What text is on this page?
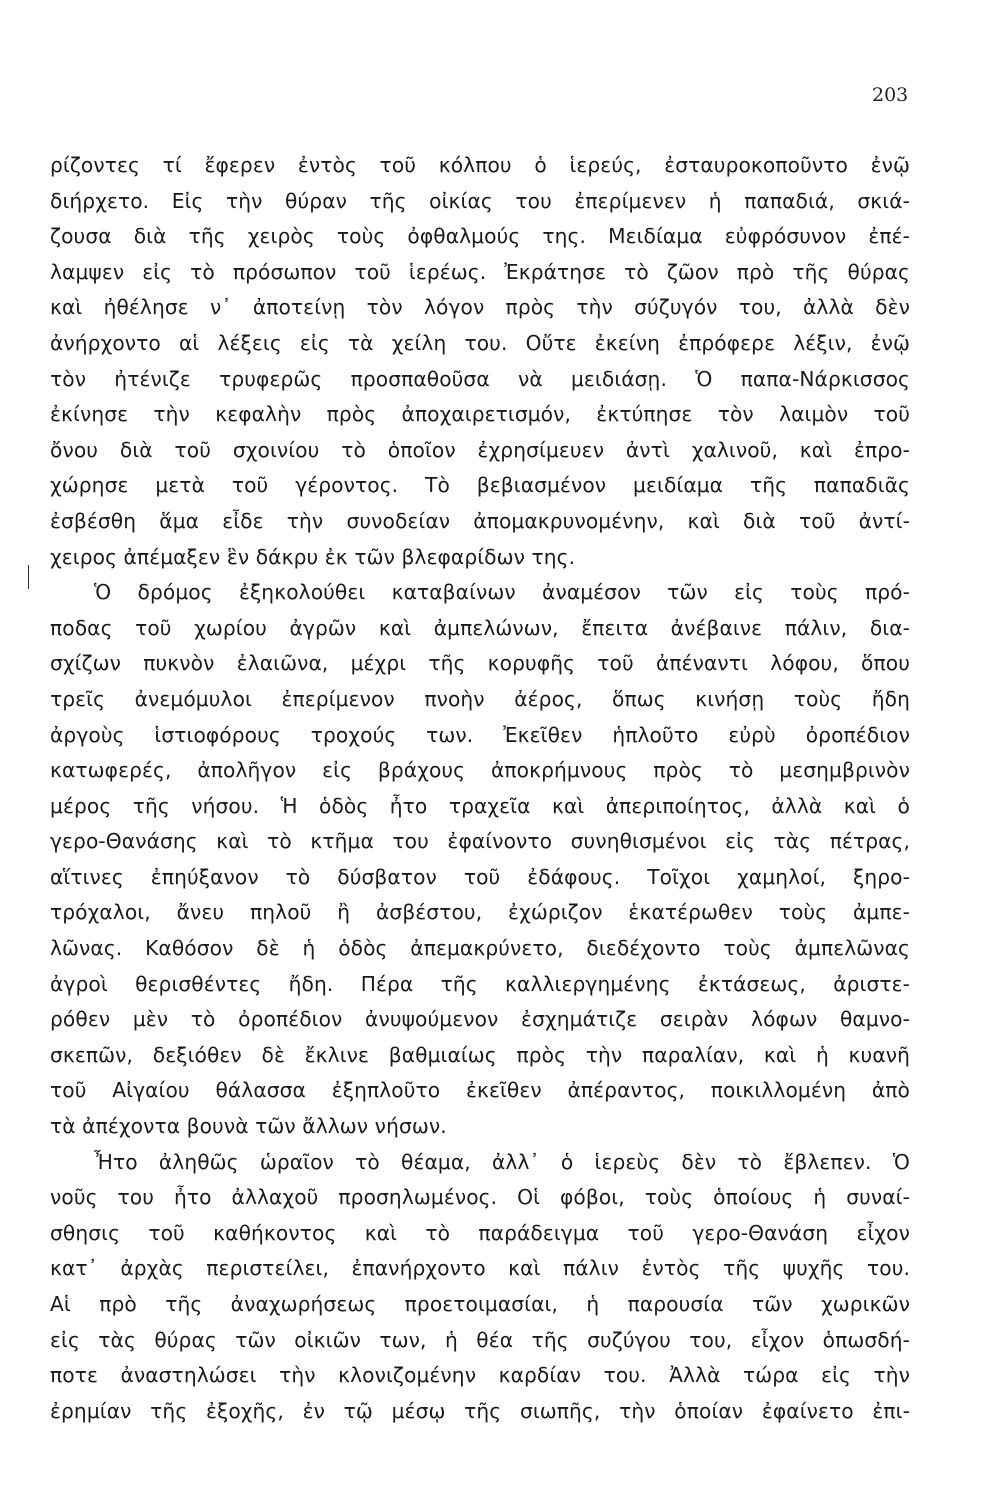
203
ρίζοντες τί ἔφερεν ἐντὸς τοῦ κόλπου ὁ ἱερεύς, ἐσταυροκοποῦντο ἐνῷ
διήρχετο. Εἰς τὴν θύραν τῆς οἰκίας του ἐπερίμενεν ἡ παπαδιά, σκιά-
ζουσα διὰ τῆς χειρὸς τοὺς ὀφθαλμούς της. Μειδίαμα εὐφρόσυνον ἐπέ-
λαμψεν εἰς τὸ πρόσωπον τοῦ ἱερέως. Ἐκράτησε τὸ ζῶον πρὸ τῆς θύρας
καὶ ἠθέλησε ν᾽ ἀποτείνῃ τὸν λόγον πρὸς τὴν σύζυγόν του, ἀλλὰ δὲν
ἀνήρχοντο αἱ λέξεις εἰς τὰ χείλη του. Οὔτε ἐκείνη ἐπρόφερε λέξιν, ἐνῷ
τὸν ἠτένιζε τρυφερῶς προσπαθοῦσα νὰ μειδιάσῃ. Ὁ παπα-Νάρκισσος
ἐκίνησε τὴν κεφαλὴν πρὸς ἀποχαιρετισμόν, ἐκτύπησε τὸν λαιμὸν τοῦ
ὄνου διὰ τοῦ σχοινίου τὸ ὁποῖον ἐχρησίμευεν ἀντὶ χαλινοῦ, καὶ ἐπρο-
χώρησε μετὰ τοῦ γέροντος. Τὸ βεβιασμένον μειδίαμα τῆς παπαδιᾶς
ἐσβέσθη ἅμα εἶδε τὴν συνοδείαν ἀπομακρυνομένην, καὶ διὰ τοῦ ἀντί-
χειρος ἀπέμαξεν ἓν δάκρυ ἐκ τῶν βλεφαρίδων της.
Ὁ δρόμος ἐξηκολούθει καταβαίνων ἀναμέσον τῶν εἰς τοὺς πρό-
ποδας τοῦ χωρίου ἀγρῶν καὶ ἀμπελώνων, ἔπειτα ἀνέβαινε πάλιν, δια-
σχίζων πυκνὸν ἐλαιῶνα, μέχρι τῆς κορυφῆς τοῦ ἀπέναντι λόφου, ὅπου
τρεῖς ἀνεμόμυλοι ἐπερίμενον πνοὴν ἀέρος, ὅπως κινήσῃ τοὺς ἤδη
ἀργοὺς ἱστιοφόρους τροχούς των. Ἐκεῖθεν ἡπλοῦτο εὐρὺ ὀροπέδιον
κατωφερές, ἀπολῆγον εἰς βράχους ἀποκρήμνους πρὸς τὸ μεσημβρινὸν
μέρος τῆς νήσου. Ἡ ὁδὸς ἦτο τραχεῖα καὶ ἀπεριποίητος, ἀλλὰ καὶ ὁ
γερο-Θανάσης καὶ τὸ κτῆμα του ἐφαίνοντο συνηθισμένοι εἰς τὰς πέτρας,
αἵτινες ἐπηύξανον τὸ δύσβατον τοῦ ἐδάφους. Τοῖχοι χαμηλοί, ξηρο-
τρόχαλοι, ἄνευ πηλοῦ ἢ ἀσβέστου, ἐχώριζον ἑκατέρωθεν τοὺς ἀμπε-
λῶνας. Καθόσον δὲ ἡ ὁδὸς ἀπεμακρύνετο, διεδέχοντο τοὺς ἀμπελῶνας
ἀγροὶ θερισθέντες ἤδη. Πέρα τῆς καλλιεργημένης ἐκτάσεως, ἀριστε-
ρόθεν μὲν τὸ ὀροπέδιον ἀνυψούμενον ἐσχημάτιζε σειρὰν λόφων θαμνο-
σκεπῶν, δεξιόθεν δὲ ἔκλινε βαθμιαίως πρὸς τὴν παραλίαν, καὶ ἡ κυανῆ
τοῦ Αἰγαίου θάλασσα ἐξηπλοῦτο ἐκεῖθεν ἀπέραντος, ποικιλλομένη ἀπὸ
τὰ ἀπέχοντα βουνὰ τῶν ἄλλων νήσων.
Ἦτο ἀληθῶς ὡραῖον τὸ θέαμα, ἀλλ᾽ ὁ ἱερεὺς δὲν τὸ ἔβλεπεν. Ὁ
νοῦς του ἦτο ἀλλαχοῦ προσηλωμένος. Οἱ φόβοι, τοὺς ὁποίους ἡ συναί-
σθησις τοῦ καθήκοντος καὶ τὸ παράδειγμα τοῦ γερο-Θανάση εἶχον
κατ᾽ ἀρχὰς περιστείλει, ἐπανήρχοντο καὶ πάλιν ἐντὸς τῆς ψυχῆς του.
Αἱ πρὸ τῆς ἀναχωρήσεως προετοιμασίαι, ἡ παρουσία τῶν χωρικῶν
εἰς τὰς θύρας τῶν οἰκιῶν των, ἡ θέα τῆς συζύγου του, εἶχον ὁπωσδή-
ποτε ἀναστηλώσει τὴν κλονιζομένην καρδίαν του. Ἀλλὰ τώρα εἰς τὴν
ἐρημίαν τῆς ἐξοχῆς, ἐν τῷ μέσῳ τῆς σιωπῆς, τὴν ὁποίαν ἐφαίνετο ἐπι-
